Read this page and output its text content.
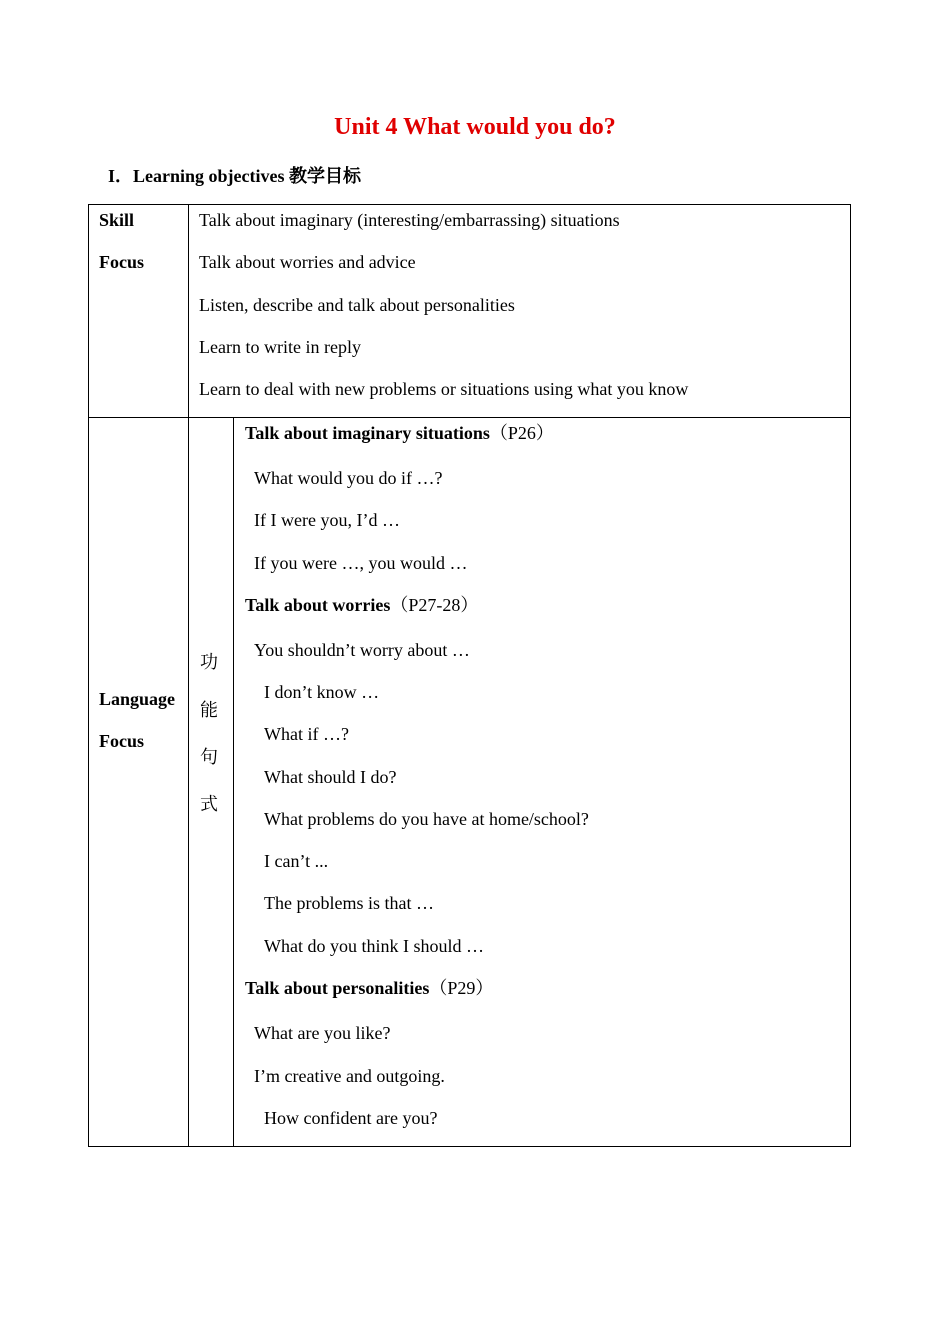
Unit 4 What would you do?
I．Learning objectives 教学目标
Skill
Focus
Talk about imaginary (interesting/embarrassing) situations
Talk about worries and advice
Listen, describe and talk about personalities
Learn to write in reply
Learn to deal with new problems or situations using what you know
Language
Focus
功
能
句
式
Talk about imaginary situations（P26）
What would you do if …?
If I were you, I’d …
If you were …, you would …
Talk about worries（P27-28）
You shouldn’t worry about …
I don’t know …
What if …?
What should I do?
What problems do you have at home/school?
I can’t ...
The problems is that …
What do you think I should …
Talk about personalities（P29）
What are you like?
I’m creative and outgoing.
How confident are you?
